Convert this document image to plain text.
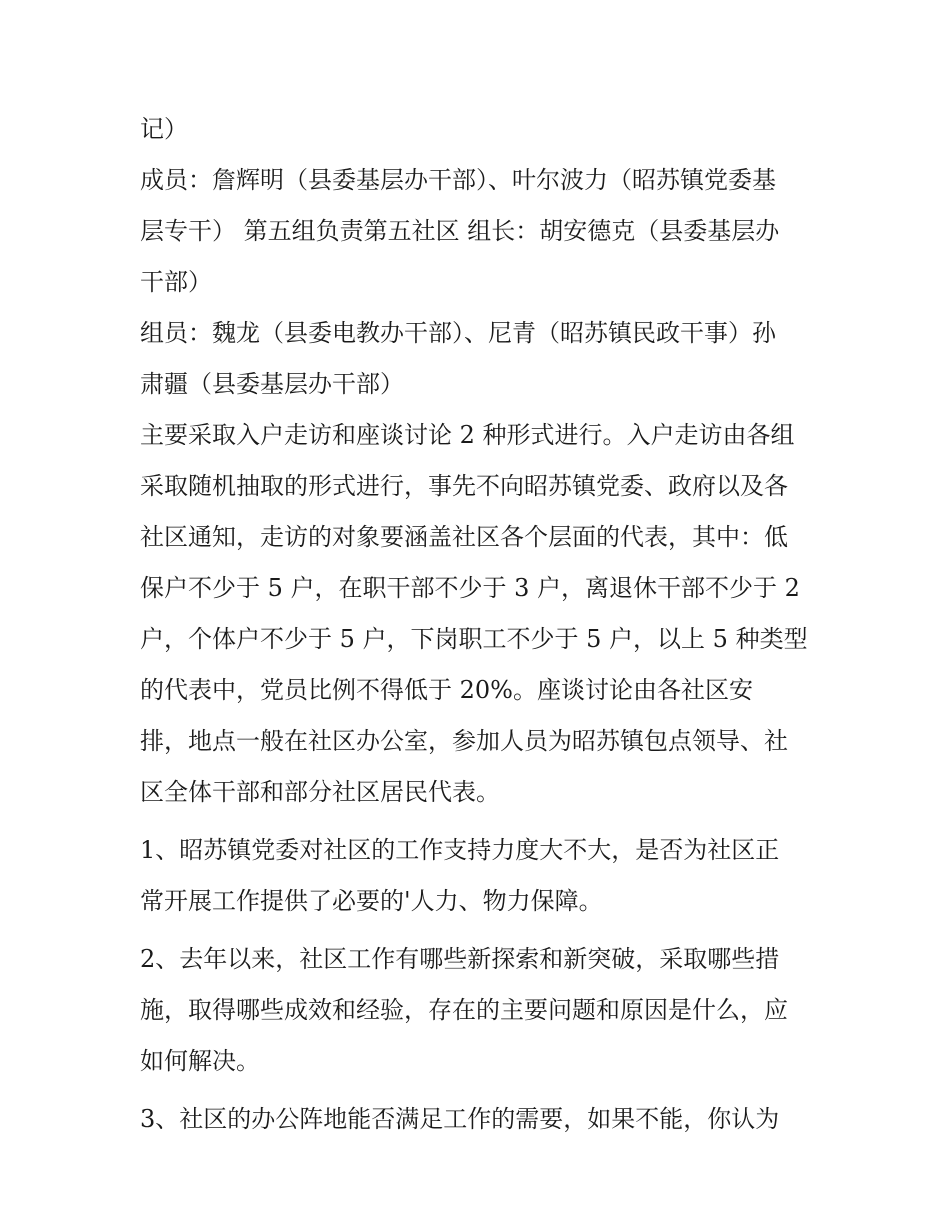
记）
成员：詹辉明（县委基层办干部）、叶尔波力（昭苏镇党委基
层专干） 第五组负责第五社区 组长：胡安德克（县委基层办
干部）
组员：魏龙（县委电教办干部）、尼青（昭苏镇民政干事）孙
肃疆（县委基层办干部）
主要采取入户走访和座谈讨论 2 种形式进行。入户走访由各组
采取随机抽取的形式进行，事先不向昭苏镇党委、政府以及各
社区通知，走访的对象要涵盖社区各个层面的代表，其中：低
保户不少于 5 户，在职干部不少于 3 户，离退休干部不少于 2
户，个体户不少于 5 户，下岗职工不少于 5 户，以上 5 种类型
的代表中，党员比例不得低于 20%。座谈讨论由各社区安
排，地点一般在社区办公室，参加人员为昭苏镇包点领导、社
区全体干部和部分社区居民代表。
1、昭苏镇党委对社区的工作支持力度大不大，是否为社区正
常开展工作提供了必要的'人力、物力保障。
2、去年以来，社区工作有哪些新探索和新突破，采取哪些措
施，取得哪些成效和经验，存在的主要问题和原因是什么，应
如何解决。
3、社区的办公阵地能否满足工作的需要，如果不能，你认为
